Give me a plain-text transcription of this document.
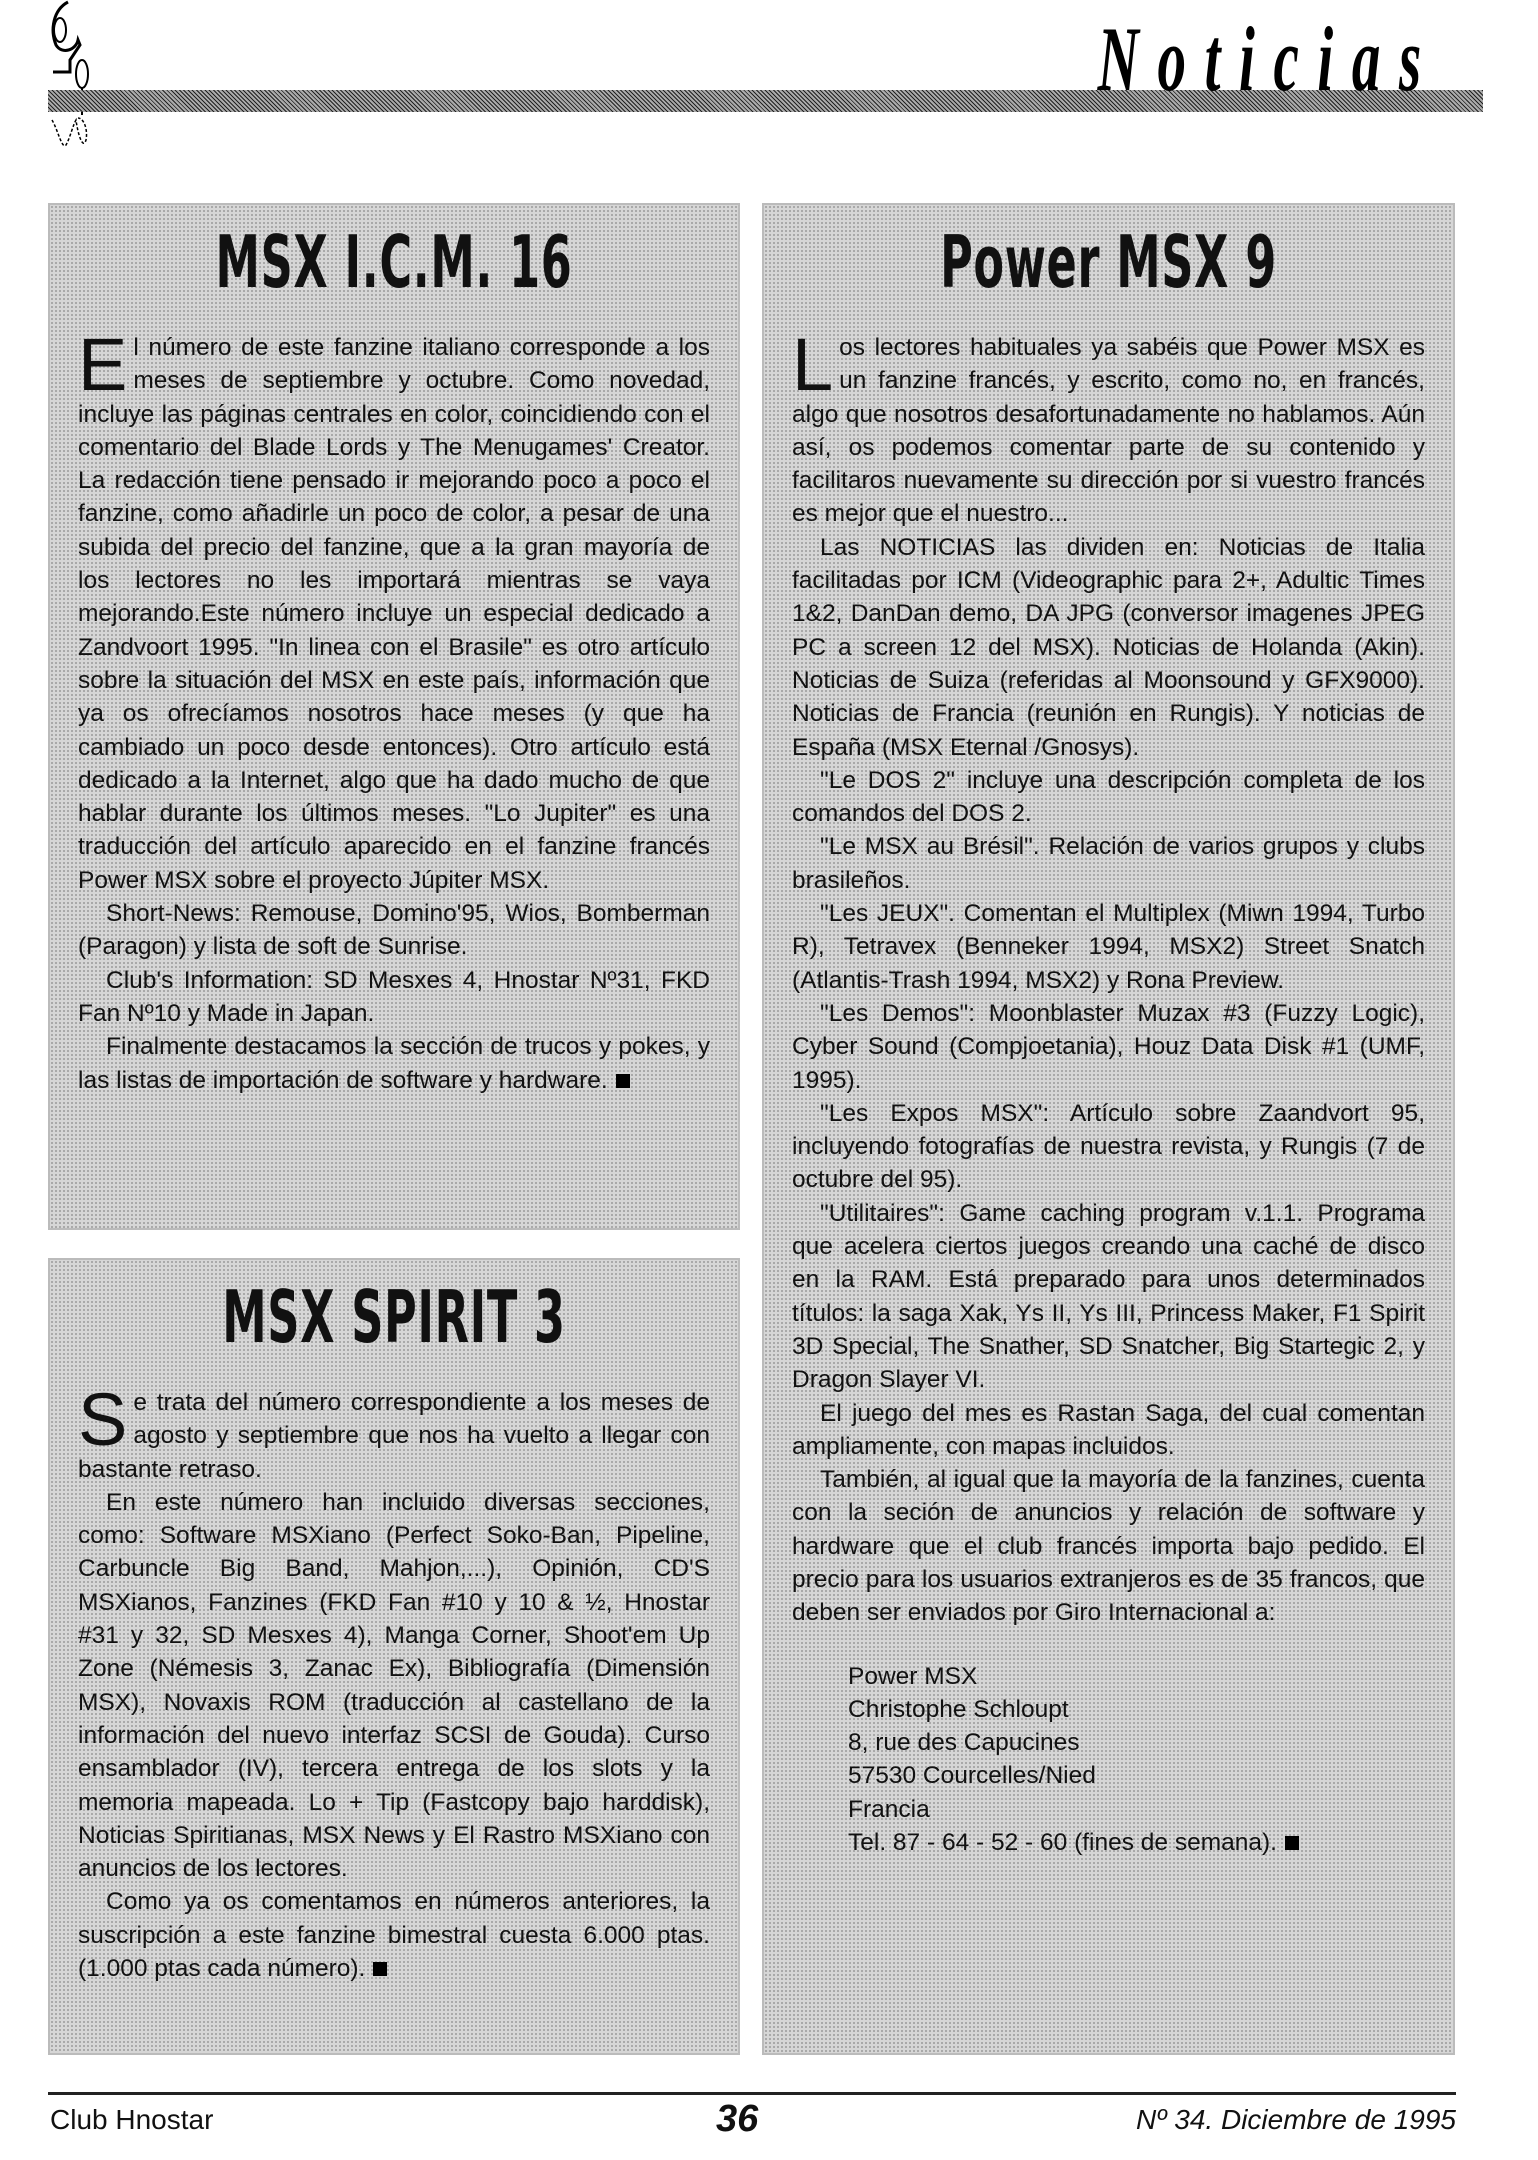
Noticias
MSX I.C.M. 16

El número de este fanzine italiano corresponde a los meses de septiembre y octubre. Como novedad, incluye las páginas centrales en color, coincidiendo con el comentario del Blade Lords y The Menugames' Creator. La redacción tiene pensado ir mejorando poco a poco el fanzine, como añadirle un poco de color, a pesar de una subida del precio del fanzine, que a la gran mayoría de los lectores no les importará mientras se vaya mejorando.Este número incluye un especial dedicado a Zandvoort 1995. "In linea con el Brasile" es otro artículo sobre la situación del MSX en este país, información que ya os ofrecíamos nosotros hace meses (y que ha cambiado un poco desde entonces). Otro artículo está dedicado a la Internet, algo que ha dado mucho de que hablar durante los últimos meses. "Lo Jupiter" es una traducción del artículo aparecido en el fanzine francés Power MSX sobre el proyecto Júpiter MSX.

Short-News: Remouse, Domino'95, Wios, Bomberman (Paragon) y lista de soft de Sunrise.

Club's Information: SD Mesxes 4, Hnostar Nº31, FKD Fan Nº10 y Made in Japan.

Finalmente destacamos la sección de trucos y pokes, y las listas de importación de software y hardware.

MSX SPIRIT 3

Se trata del número correspondiente a los meses de agosto y septiembre que nos ha vuelto a llegar con bastante retraso.

En este número han incluido diversas secciones, como: Software MSXiano (Perfect Soko-Ban, Pipeline, Carbuncle Big Band, Mahjon,...), Opinión, CD'S MSXianos, Fanzines (FKD Fan #10 y 10 & ½, Hnostar #31 y 32, SD Mesxes 4), Manga Corner, Shoot'em Up Zone (Némesis 3, Zanac Ex), Bibliografía (Dimensión MSX), Novaxis ROM (traducción al castellano de la información del nuevo interfaz SCSI de Gouda). Curso ensamblador (IV), tercera entrega de los slots y la memoria mapeada. Lo + Tip (Fastcopy bajo harddisk), Noticias Spiritianas, MSX News y El Rastro MSXiano con anuncios de los lectores.

Como ya os comentamos en números anteriores, la suscripción a este fanzine bimestral cuesta 6.000 ptas. (1.000 ptas cada número).

Power MSX 9

Los lectores habituales ya sabéis que Power MSX es un fanzine francés, y escrito, como no, en francés, algo que nosotros desafortunadamente no hablamos. Aún así, os podemos comentar parte de su contenido y facilitaros nuevamente su dirección por si vuestro francés es mejor que el nuestro...

Las NOTICIAS las dividen en: Noticias de Italia facilitadas por ICM (Videographic para 2+, Adultic Times 1&2, DanDan demo, DA JPG (conversor imagenes JPEG PC a screen 12 del MSX). Noticias de Holanda (Akin). Noticias de Suiza (referidas al Moonsound y GFX9000). Noticias de Francia (reunión en Rungis). Y noticias de España (MSX Eternal /Gnosys).

"Le DOS 2" incluye una descripción completa de los comandos del DOS 2.

"Le MSX au Brésil". Relación de varios grupos y clubs brasileños.

"Les JEUX". Comentan el Multiplex (Miwn 1994, Turbo R), Tetravex (Benneker 1994, MSX2) Street Snatch (Atlantis-Trash 1994, MSX2) y Rona Preview.

"Les Demos": Moonblaster Muzax #3 (Fuzzy Logic), Cyber Sound (Compjoetania), Houz Data Disk #1 (UMF, 1995).

"Les Expos MSX": Artículo sobre Zaandvort 95, incluyendo fotografías de nuestra revista, y Rungis (7 de octubre del 95).

"Utilitaires": Game caching program v.1.1. Programa que acelera ciertos juegos creando una caché de disco en la RAM. Está preparado para unos determinados títulos: la saga Xak, Ys II, Ys III, Princess Maker, F1 Spirit 3D Special, The Snather, SD Snatcher, Big Startegic 2, y Dragon Slayer VI.

El juego del mes es Rastan Saga, del cual comentan ampliamente, con mapas incluidos.

También, al igual que la mayoría de la fanzines, cuenta con la seción de anuncios y relación de software y hardware que el club francés importa bajo pedido. El precio para los usuarios extranjeros es de 35 francos, que deben ser enviados por Giro Internacional a:

Power MSX
Christophe Schloupt
8, rue des Capucines
57530 Courcelles/Nied
Francia
Tel. 87 - 64 - 52 - 60 (fines de semana).
Club Hnostar	36	Nº 34. Diciembre de 1995
